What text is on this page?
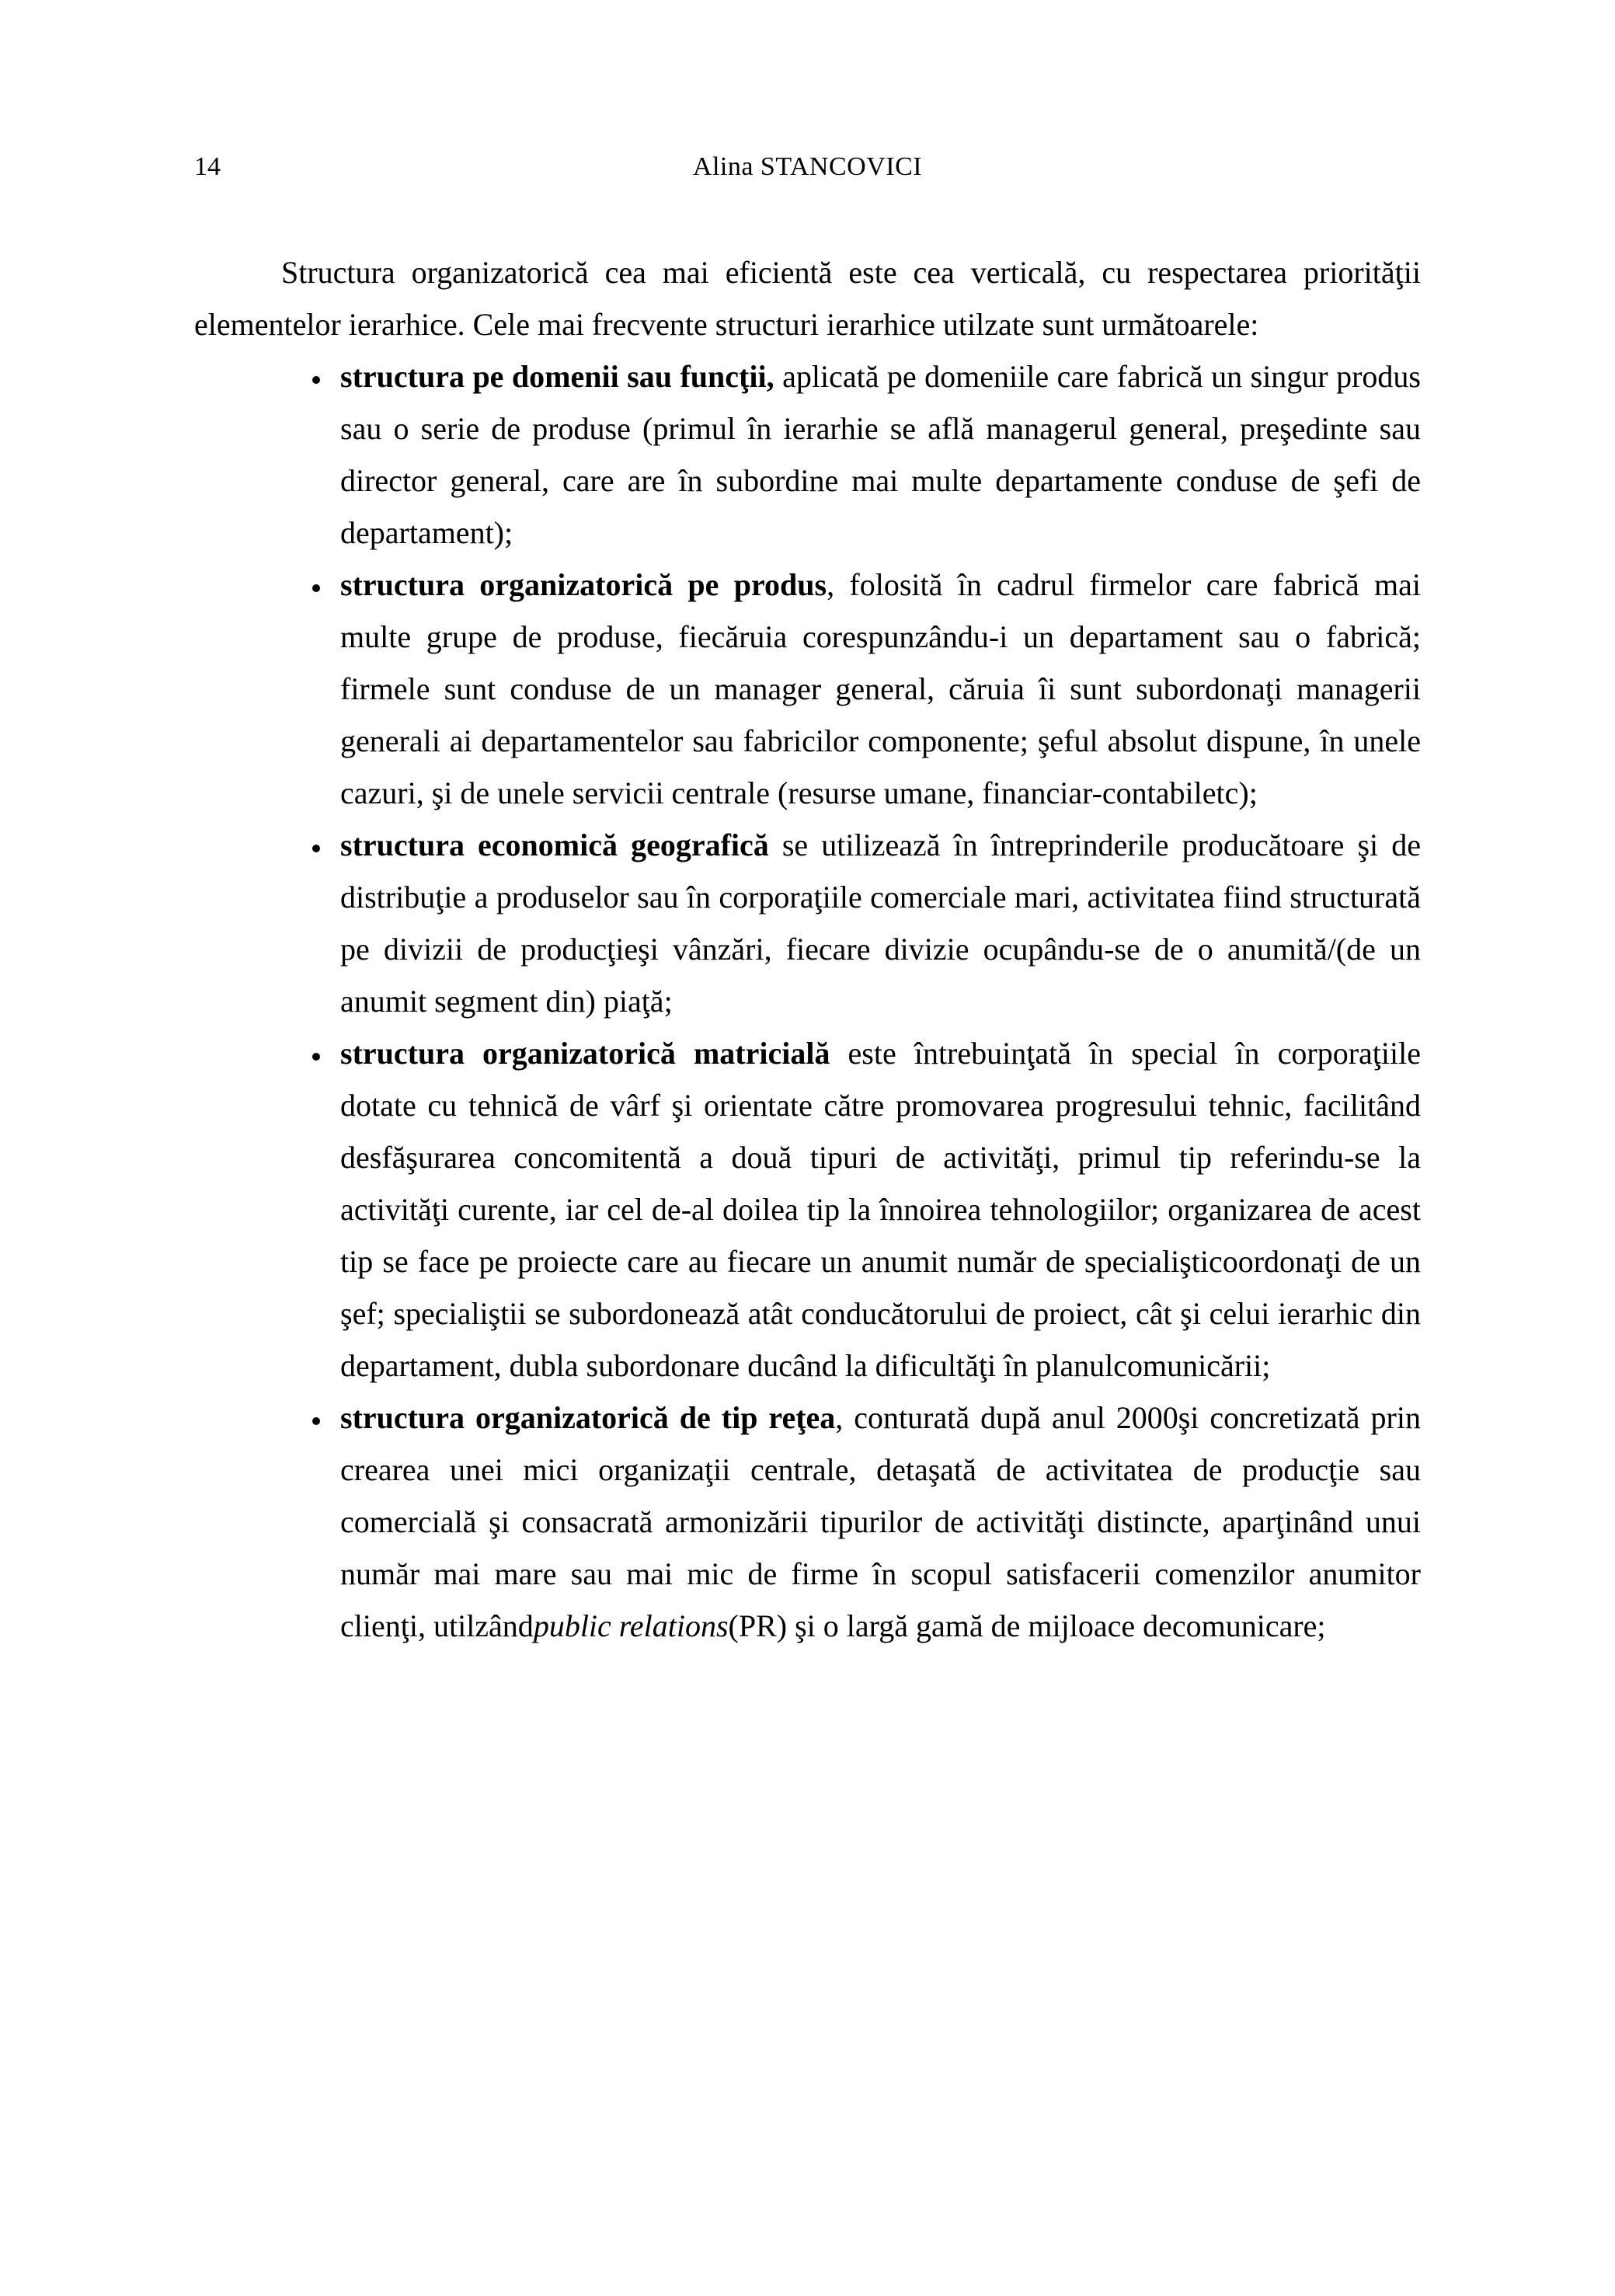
14	Alina STANCOVICI

Structura organizatorică cea mai eficientă este cea verticală, cu respectarea priorităţii elementelor ierarhice. Cele mai frecvente structuri ierarhice utilzate sunt următoarele:

• structura pe domenii sau funcţii, aplicată pe domeniile care fabrică un singur produs sau o serie de produse (primul în ierarhie se află managerul general, preşedinte sau director general, care are în subordine mai multe departamente conduse de şefi de departament);
• structura organizatorică pe produs, folosită în cadrul firmelor care fabrică mai multe grupe de produse, fiecăruia corespunzându-i un departament sau o fabrică; firmele sunt conduse de un manager general, căruia îi sunt subordonaţi managerii generali ai departamentelor sau fabricilor componente; şeful absolut dispune, în unele cazuri, şi de unele servicii centrale (resurse umane, financiar-contabiletc);
• structura economică geografică se utilizează în întreprinderile producătoare şi de distribuţie a produselor sau în corporaţiile comerciale mari, activitatea fiind structurată pe divizii de producţieşi vânzări, fiecare divizie ocupându-se de o anumită/(de un anumit segment din) piaţă;
• structura organizatorică matricială este întrebuinţată în special în corporaţiile dotate cu tehnică de vârf şi orientate către promovarea progresului tehnic, facilitând desfăşurarea concomitentă a două tipuri de activităţi, primul tip referindu-se la activităţi curente, iar cel de-al doilea tip la înnoirea tehnologiilor; organizarea de acest tip se face pe proiecte care au fiecare un anumit număr de specialişticoordonaţi de un şef; specialiştii se subordonează atât conducătorului de proiect, cât şi celui ierarhic din departament, dubla subordonare ducând la dificultăţi în planulcomunicării;
• structura organizatorică de tip reţea, conturată după anul 2000şi concretizată prin crearea unei mici organizaţii centrale, detaşată de activitatea de producţie sau comercială şi consacrată armonizării tipurilor de activităţi distincte, aparţinând unui număr mai mare sau mai mic de firme în scopul satisfacerii comenzilor anumitor clienţi, utilzândpublic relations(PR) şi o largă gamă de mijloace decomunicare;
